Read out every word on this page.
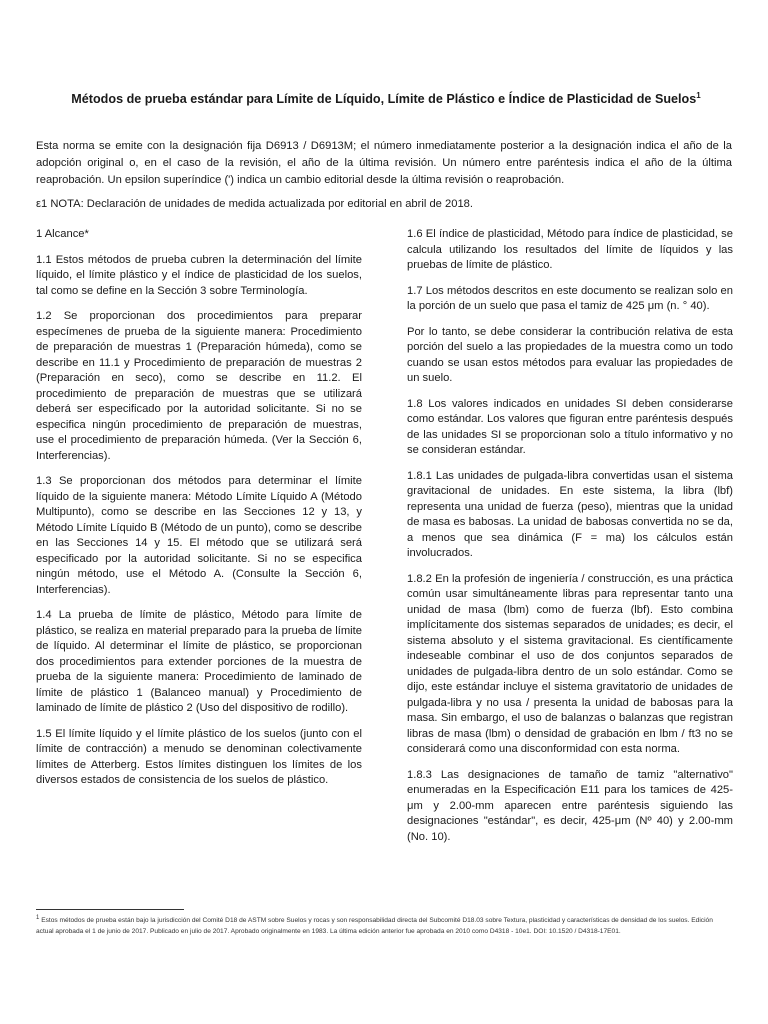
Métodos de prueba estándar para Límite de Líquido, Límite de Plástico e Índice de Plasticidad de Suelos$^1$

Esta norma se emite con la designación fija D6913 / D6913M; el número inmediatamente posterior a la designación indica el año de la adopción original o, en el caso de la revisión, el año de la última revisión. Un número entre paréntesis indica el año de la última reaprobación. Un epsilon superíndice (') indica un cambio editorial desde la última revisión o reaprobación.

ε1 NOTA: Declaración de unidades de medida actualizada por editorial en abril de 2018.

1 Alcance*

1.1 Estos métodos de prueba cubren la determinación del límite líquido, el límite plástico y el índice de plasticidad de los suelos, tal como se define en la Sección 3 sobre Terminología.

1.2 Se proporcionan dos procedimientos para preparar especímenes de prueba de la siguiente manera: Procedimiento de preparación de muestras 1 (Preparación húmeda), como se describe en 11.1 y Procedimiento de preparación de muestras 2 (Preparación en seco), como se describe en 11.2. El procedimiento de preparación de muestras que se utilizará deberá ser especificado por la autoridad solicitante. Si no se especifica ningún procedimiento de preparación de muestras, use el procedimiento de preparación húmeda. (Ver la Sección 6, Interferencias).

1.3 Se proporcionan dos métodos para determinar el límite líquido de la siguiente manera: Método Límite Líquido A (Método Multipunto), como se describe en las Secciones 12 y 13, y Método Límite Líquido B (Método de un punto), como se describe en las Secciones 14 y 15. El método que se utilizará será especificado por la autoridad solicitante. Si no se especifica ningún método, use el Método A. (Consulte la Sección 6, Interferencias).

1.4 La prueba de límite de plástico, Método para límite de plástico, se realiza en material preparado para la prueba de límite de líquido. Al determinar el límite de plástico, se proporcionan dos procedimientos para extender porciones de la muestra de prueba de la siguiente manera: Procedimiento de laminado de límite de plástico 1 (Balanceo manual) y Procedimiento de laminado de límite de plástico 2 (Uso del dispositivo de rodillo).

1.5 El límite líquido y el límite plástico de los suelos (junto con el límite de contracción) a menudo se denominan colectivamente límites de Atterberg. Estos límites distinguen los límites de los diversos estados de consistencia de los suelos de plástico.

1.6 El índice de plasticidad, Método para índice de plasticidad, se calcula utilizando los resultados del límite de líquidos y las pruebas de límite de plástico.

1.7 Los métodos descritos en este documento se realizan solo en la porción de un suelo que pasa el tamiz de 425 μm (n. ° 40).

Por lo tanto, se debe considerar la contribución relativa de esta porción del suelo a las propiedades de la muestra como un todo cuando se usan estos métodos para evaluar las propiedades de un suelo.

1.8 Los valores indicados en unidades SI deben considerarse como estándar. Los valores que figuran entre paréntesis después de las unidades SI se proporcionan solo a título informativo y no se consideran estándar.

1.8.1 Las unidades de pulgada-libra convertidas usan el sistema gravitacional de unidades. En este sistema, la libra (lbf) representa una unidad de fuerza (peso), mientras que la unidad de masa es babosas. La unidad de babosas convertida no se da, a menos que sea dinámica (F = ma) los cálculos están involucrados.

1.8.2 En la profesión de ingeniería / construcción, es una práctica común usar simultáneamente libras para representar tanto una unidad de masa (lbm) como de fuerza (lbf). Esto combina implícitamente dos sistemas separados de unidades; es decir, el sistema absoluto y el sistema gravitacional. Es científicamente indeseable combinar el uso de dos conjuntos separados de unidades de pulgada-libra dentro de un solo estándar. Como se dijo, este estándar incluye el sistema gravitatorio de unidades de pulgada-libra y no usa / presenta la unidad de babosas para la masa. Sin embargo, el uso de balanzas o balanzas que registran libras de masa (lbm) o densidad de grabación en lbm / ft3 no se considerará como una disconformidad con esta norma.

1.8.3 Las designaciones de tamaño de tamiz "alternativo" enumeradas en la Especificación E11 para los tamices de 425-μm y 2.00-mm aparecen entre paréntesis siguiendo las designaciones "estándar", es decir, 425-μm (Nº 40) y 2.00-mm (No. 10).

$^1$ Estos métodos de prueba están bajo la jurisdicción del Comité D18 de ASTM sobre Suelos y rocas y son responsabilidad directa del Subcomité D18.03 sobre Textura, plasticidad y características de densidad de los suelos. Edición actual aprobada el 1 de junio de 2017. Publicado en julio de 2017. Aprobado originalmente en 1983. La última edición anterior fue aprobada en 2010 como D4318 - 10e1. DOI: 10.1520 / D4318-17E01.
